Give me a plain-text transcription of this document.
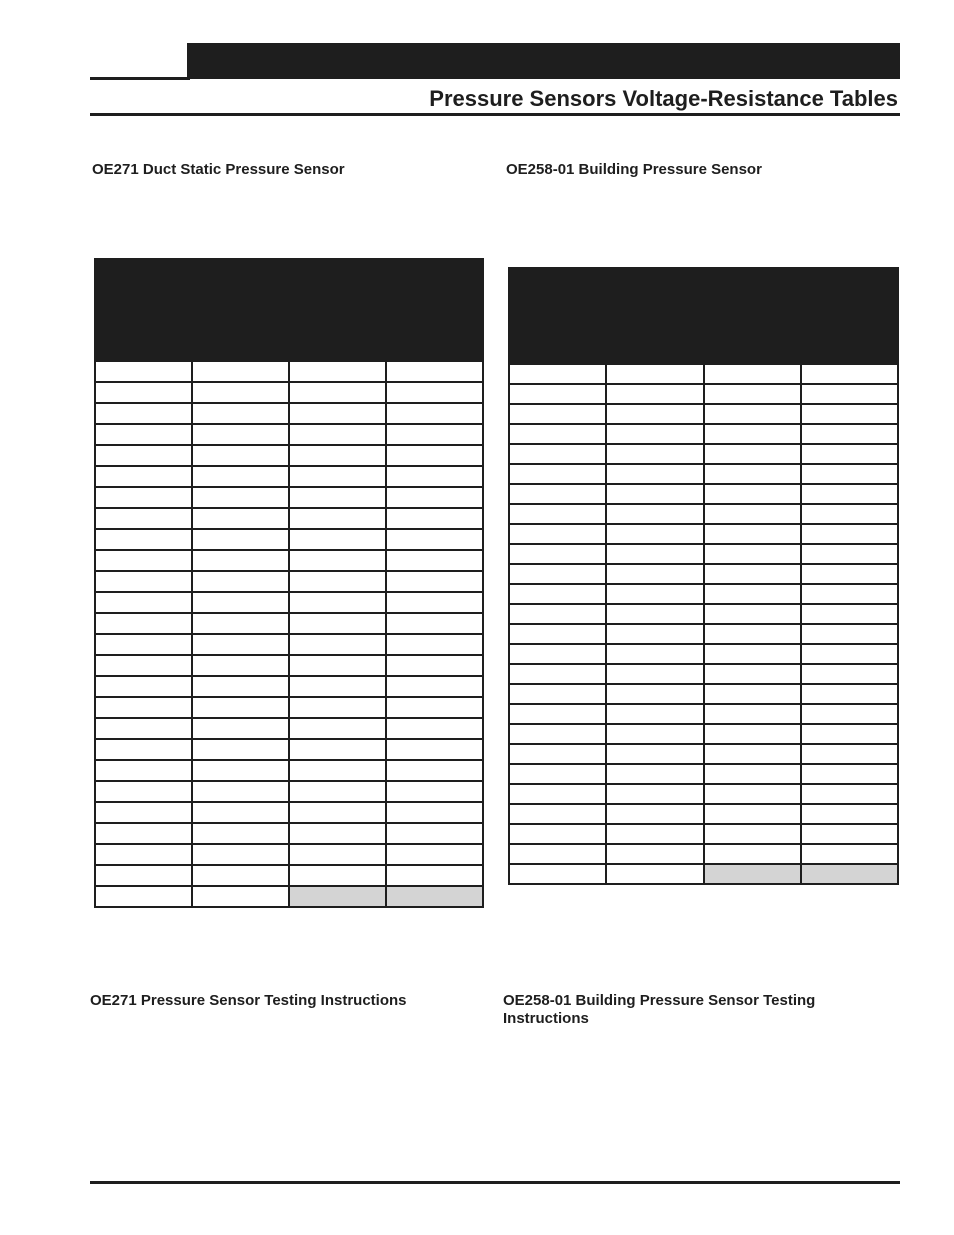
Pressure Sensors Voltage-Resistance Tables
OE271 Duct Static Pressure Sensor	OE258-01 Building Pressure Sensor

OE271 Pressure Sensor Testing Instructions	OE258-01 Building Pressure Sensor Testing Instructions
